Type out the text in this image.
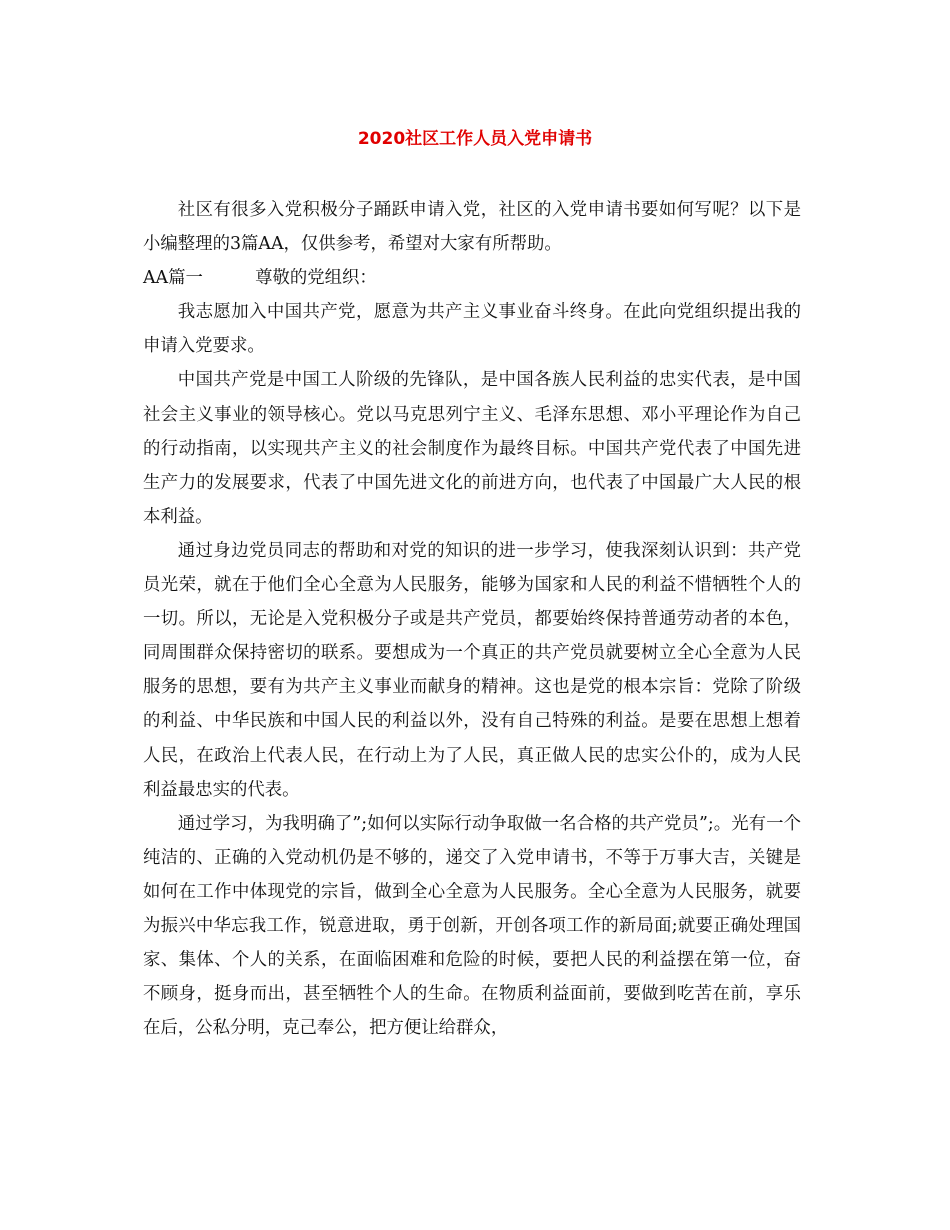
2020社区工作人员入党申请书

社区有很多入党积极分子踊跃申请入党，社区的入党申请书要如何写呢？以下是小编整理的3篇AA，仅供参考，希望对大家有所帮助。

AA篇一　　　尊敬的党组织：

我志愿加入中国共产党，愿意为共产主义事业奋斗终身。在此向党组织提出我的申请入党要求。

中国共产党是中国工人阶级的先锋队，是中国各族人民利益的忠实代表，是中国社会主义事业的领导核心。党以马克思列宁主义、毛泽东思想、邓小平理论作为自己的行动指南，以实现共产主义的社会制度作为最终目标。中国共产党代表了中国先进生产力的发展要求，代表了中国先进文化的前进方向，也代表了中国最广大人民的根本利益。

通过身边党员同志的帮助和对党的知识的进一步学习，使我深刻认识到：共产党员光荣，就在于他们全心全意为人民服务，能够为国家和人民的利益不惜牺牲个人的一切。所以，无论是入党积极分子或是共产党员，都要始终保持普通劳动者的本色，同周围群众保持密切的联系。要想成为一个真正的共产党员就要树立全心全意为人民服务的思想，要有为共产主义事业而献身的精神。这也是党的根本宗旨：党除了阶级的利益、中华民族和中国人民的利益以外，没有自己特殊的利益。是要在思想上想着人民，在政治上代表人民，在行动上为了人民，真正做人民的忠实公仆的，成为人民利益最忠实的代表。

通过学习，为我明确了”;如何以实际行动争取做一名合格的共产党员”;。光有一个纯洁的、正确的入党动机仍是不够的，递交了入党申请书，不等于万事大吉，关键是如何在工作中体现党的宗旨，做到全心全意为人民服务。全心全意为人民服务，就要为振兴中华忘我工作，锐意进取，勇于创新，开创各项工作的新局面;就要正确处理国家、集体、个人的关系，在面临困难和危险的时候，要把人民的利益摆在第一位，奋不顾身，挺身而出，甚至牺牲个人的生命。在物质利益面前，要做到吃苦在前，享乐在后，公私分明，克己奉公，把方便让给群众，
